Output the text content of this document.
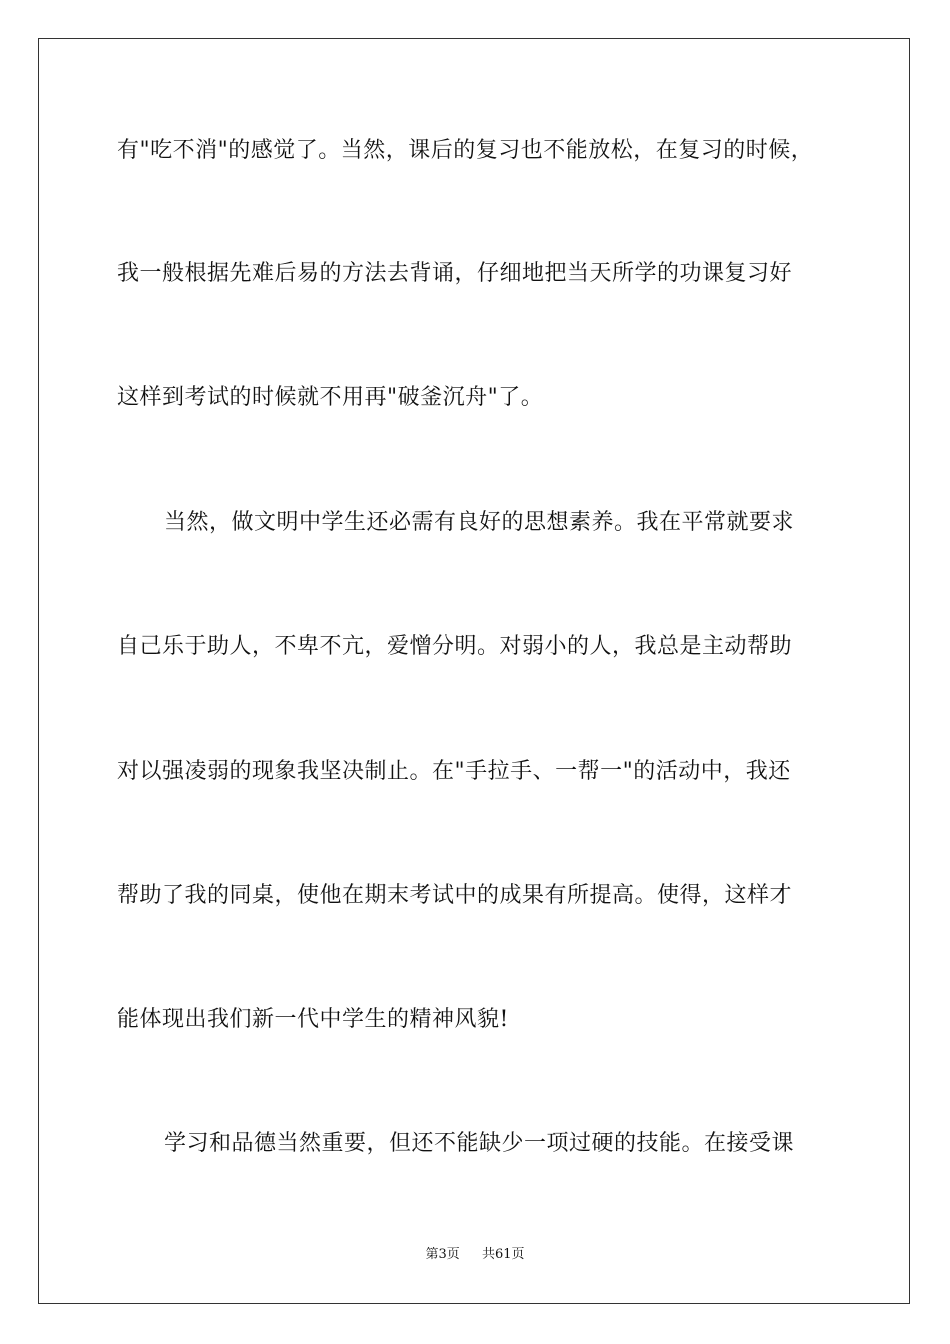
有"吃不消"的感觉了。当然，课后的复习也不能放松，在复习的时候，
我一般根据先难后易的方法去背诵，仔细地把当天所学的功课复习好
这样到考试的时候就不用再"破釜沉舟"了。
当然，做文明中学生还必需有良好的思想素养。我在平常就要求
自己乐于助人，不卑不亢，爱憎分明。对弱小的人，我总是主动帮助
对以强凌弱的现象我坚决制止。在"手拉手、一帮一"的活动中，我还
帮助了我的同桌，使他在期末考试中的成果有所提高。使得，这样才
能体现出我们新一代中学生的精神风貌!
学习和品德当然重要，但还不能缺少一项过硬的技能。在接受课
第3页 共61页
